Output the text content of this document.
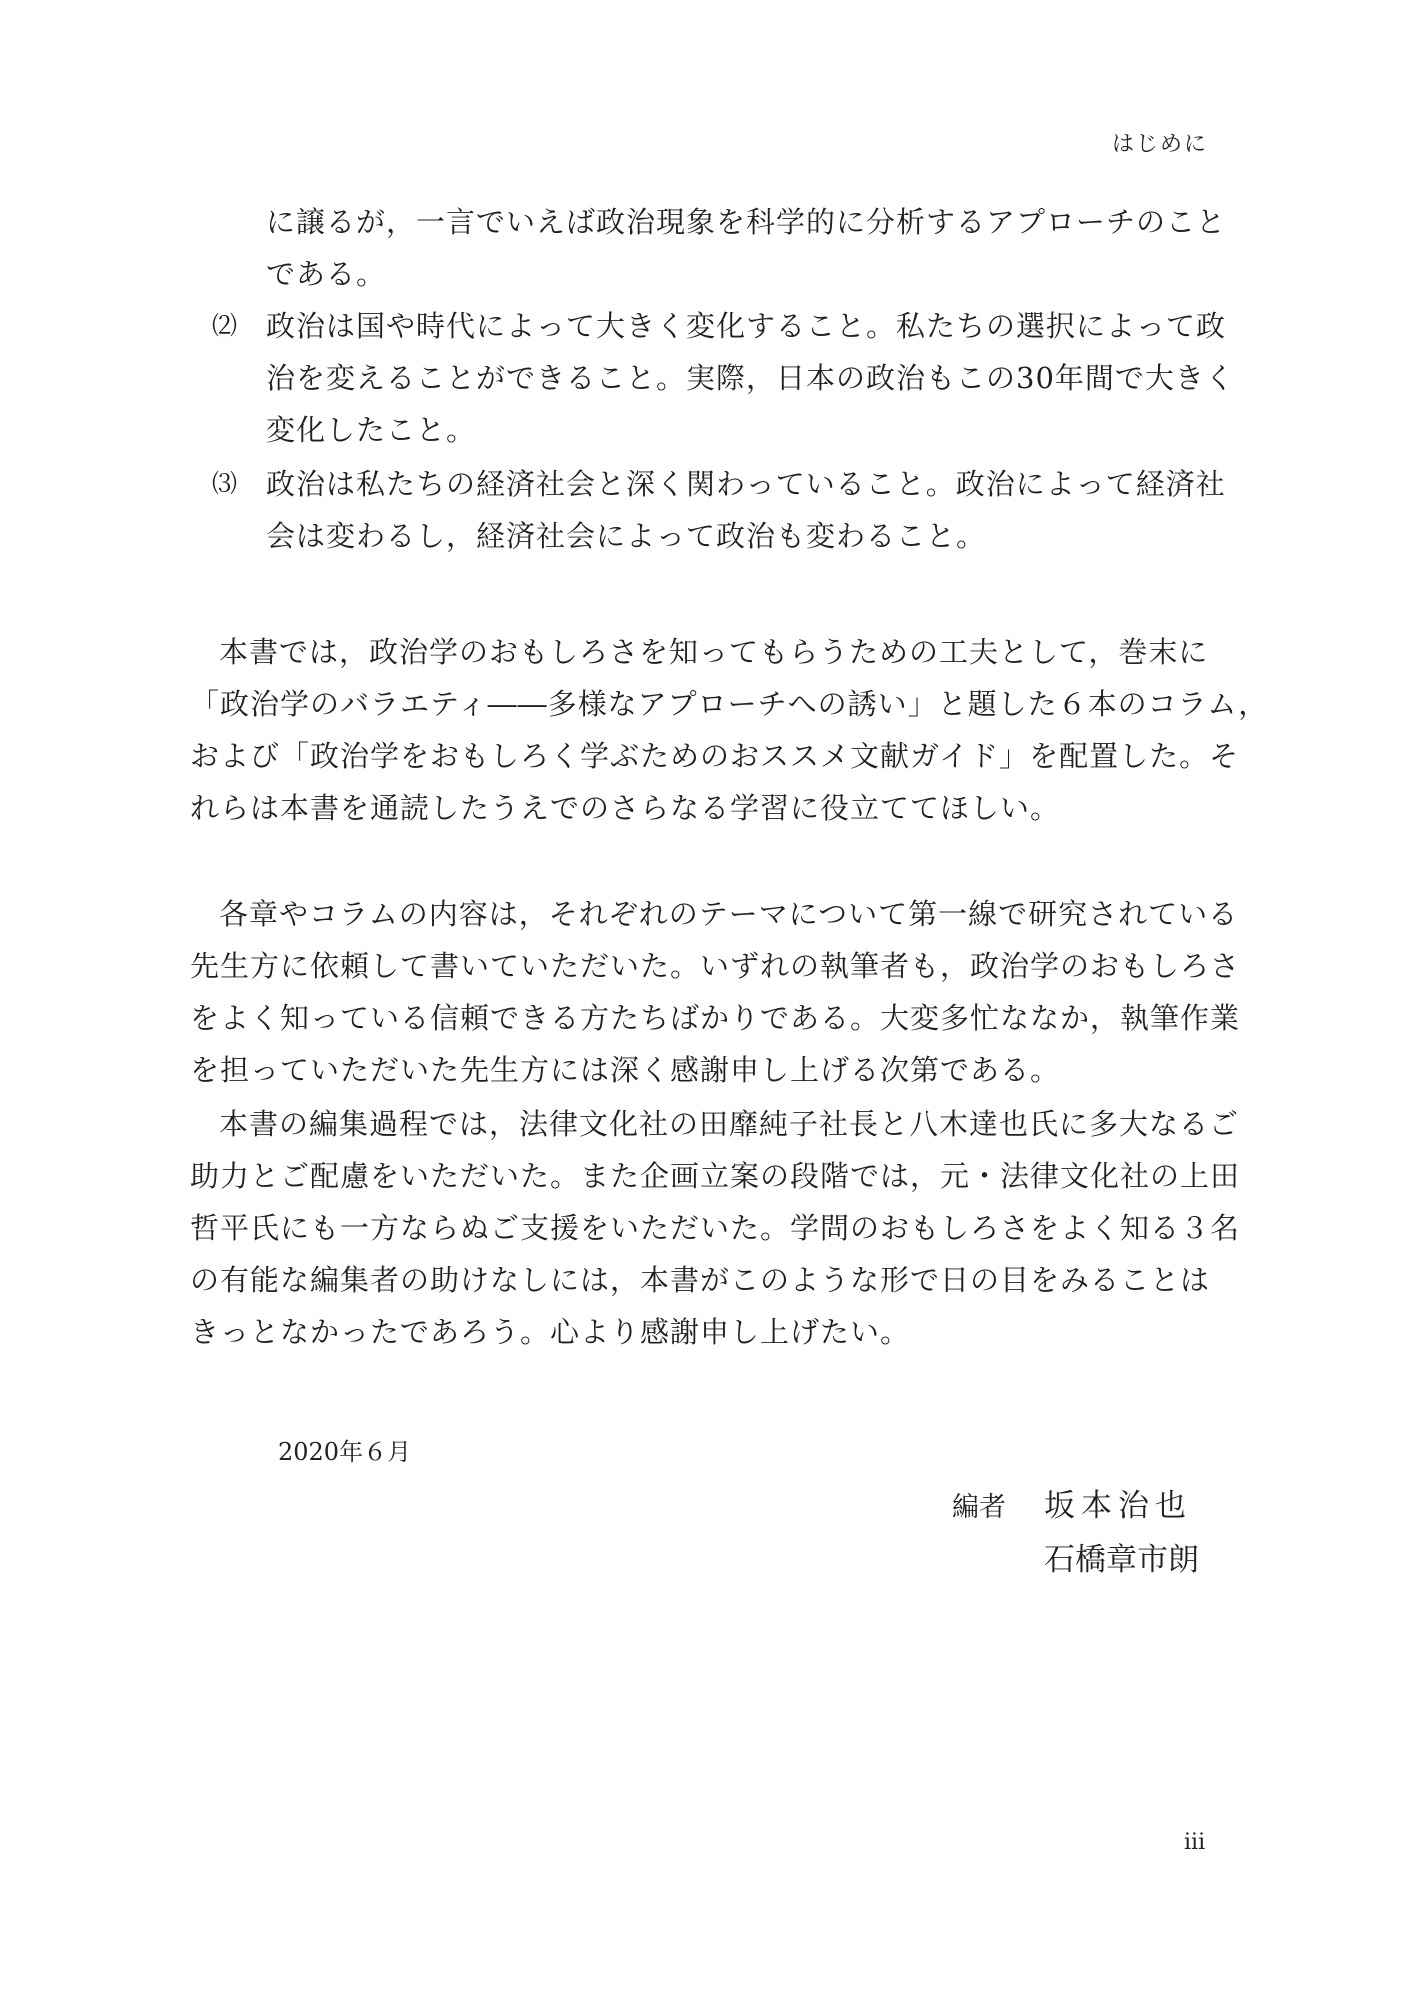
はじめに
に譲るが，一言でいえば政治現象を科学的に分析するアプローチのこと
である。
⑵ 政治は国や時代によって大きく変化すること。私たちの選択によって政
治を変えることができること。実際，日本の政治もこの30年間で大きく
変化したこと。
⑶ 政治は私たちの経済社会と深く関わっていること。政治によって経済社
会は変わるし，経済社会によって政治も変わること。
本書では，政治学のおもしろさを知ってもらうための工夫として，巻末に
「政治学のバラエティ――多様なアプローチへの誘い」と題した６本のコラム，
および「政治学をおもしろく学ぶためのおススメ文献ガイド」を配置した。そ
れらは本書を通読したうえでのさらなる学習に役立ててほしい。
各章やコラムの内容は，それぞれのテーマについて第一線で研究されている
先生方に依頼して書いていただいた。いずれの執筆者も，政治学のおもしろさ
をよく知っている信頼できる方たちばかりである。大変多忙ななか，執筆作業
を担っていただいた先生方には深く感謝申し上げる次第である。
本書の編集過程では，法律文化社の田靡純子社長と八木達也氏に多大なるご
助力とご配慮をいただいた。また企画立案の段階では，元・法律文化社の上田
哲平氏にも一方ならぬご支援をいただいた。学問のおもしろさをよく知る３名
の有能な編集者の助けなしには，本書がこのような形で日の目をみることは
きっとなかったであろう。心より感謝申し上げたい。
2020年６月
編者 坂本治也
石橋章市朗
iii
